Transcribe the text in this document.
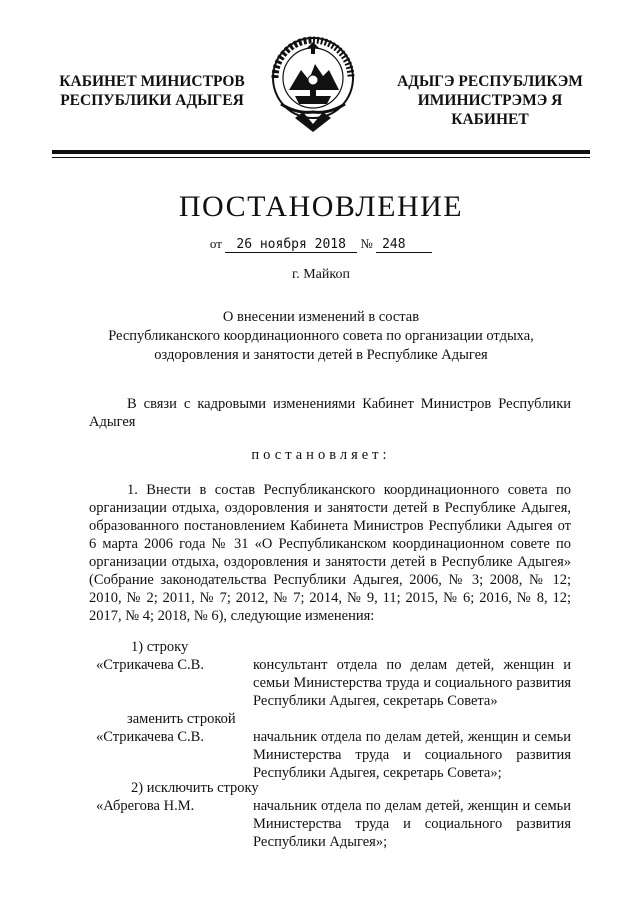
КАБИНЕТ МИНИСТРОВ
РЕСПУБЛИКИ АДЫГЕЯ
АДЫГЭ РЕСПУБЛИКЭМ
ИМИНИСТРЭМЭ Я КАБИНЕТ
ПОСТАНОВЛЕНИЕ
от 26 ноября 2018 № 248
г. Майкоп
О внесении изменений в состав
Республиканского координационного совета по организации отдыха,
оздоровления и занятости детей в Республике Адыгея
В связи с кадровыми изменениями Кабинет Министров Республики Адыгея
постановляет:
1. Внести в состав Республиканского координационного совета по организации отдыха, оздоровления и занятости детей в Республике Адыгея, образованного постановлением Кабинета Министров Республики Адыгея от 6 марта 2006 года № 31 «О Республиканском координационном совете по организации отдыха, оздоровления и занятости детей в Республике Адыгея» (Собрание законодательства Республики Адыгея, 2006, № 3; 2008, № 12; 2010, № 2; 2011, № 7; 2012, № 7; 2014, № 9, 11; 2015, № 6; 2016, № 8, 12; 2017, № 4; 2018, № 6), следующие изменения:
1) строку
«Стрикачева С.В.	консультант отдела по делам детей, женщин и семьи Министерства труда и социального развития Республики Адыгея, секретарь Совета»
заменить строкой
«Стрикачева С.В.	начальник отдела по делам детей, женщин и семьи Министерства труда и социального развития Республики Адыгея, секретарь Совета»;
2) исключить строку
«Абрегова Н.М.	начальник отдела по делам детей, женщин и семьи Министерства труда и социального развития Республики Адыгея»;
